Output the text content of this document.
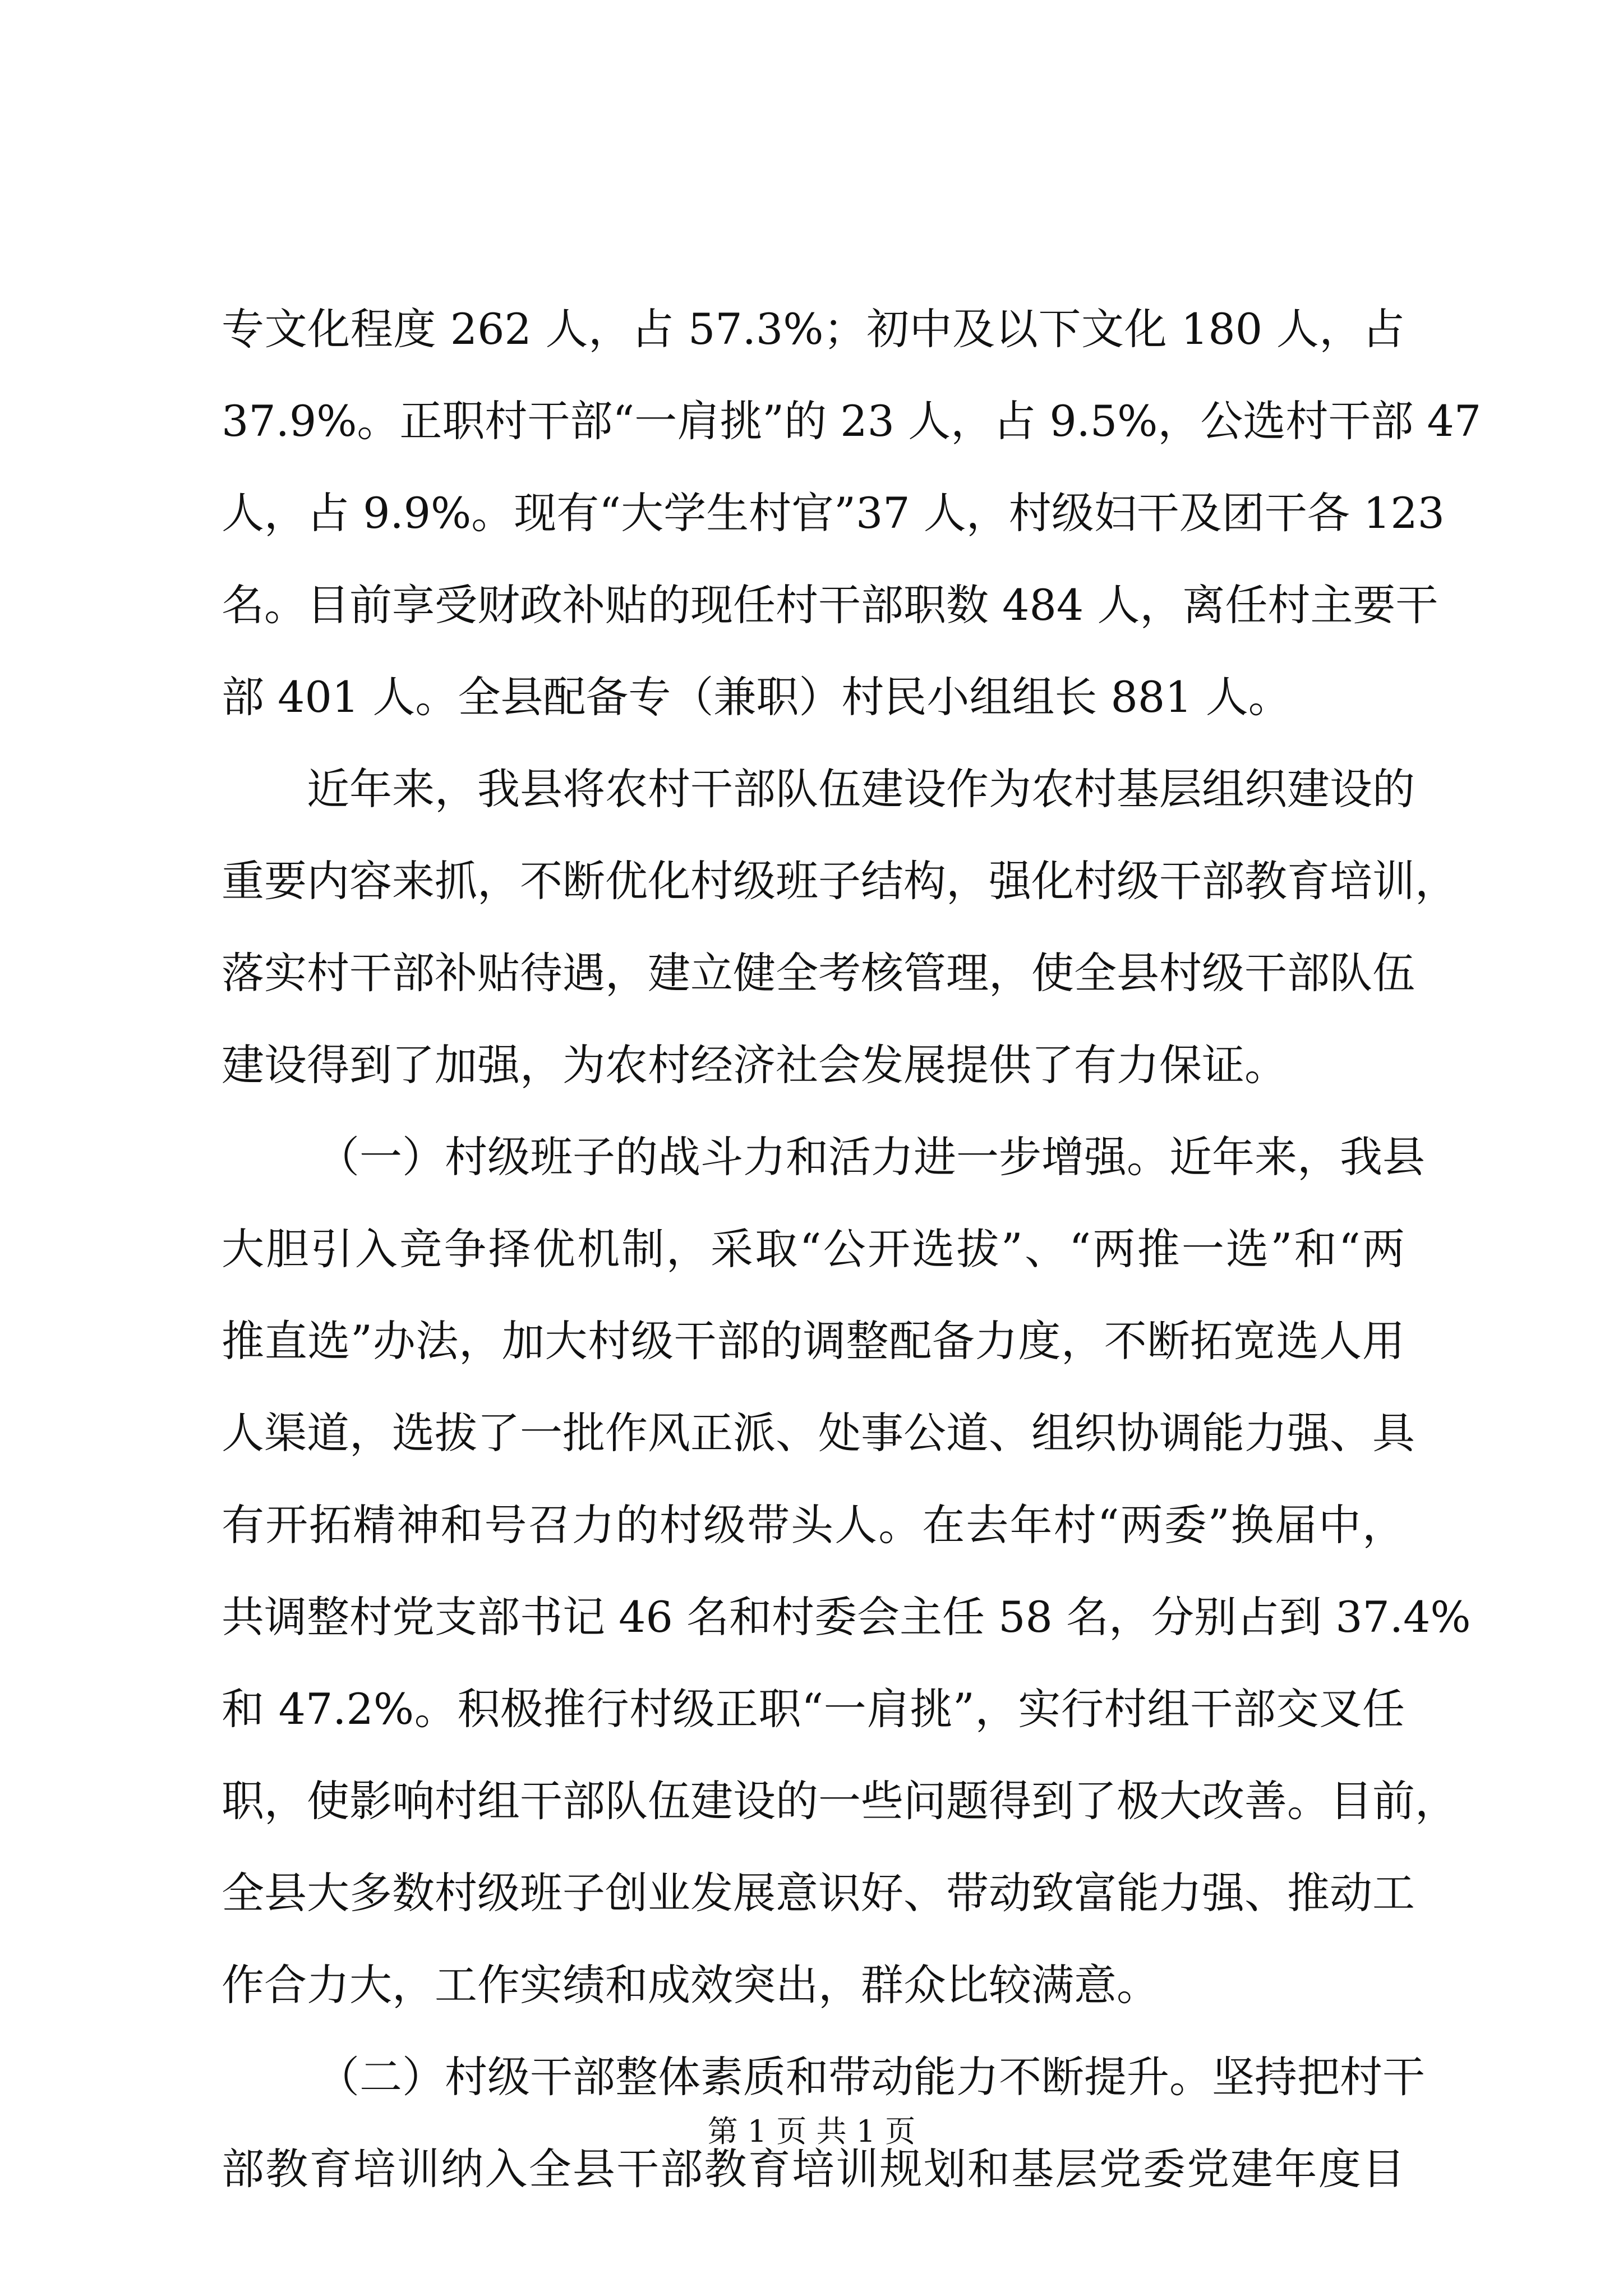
专文化程度 262 人，占 57.3%；初中及以下文化 180 人，占
37.9%。正职村干部“一肩挑”的 23 人，占 9.5%，公选村干部 47
人，占 9.9%。现有“大学生村官”37 人，村级妇干及团干各 123
名。目前享受财政补贴的现任村干部职数 484 人，离任村主要干
部 401 人。全县配备专（兼职）村民小组组长 881 人。
近年来，我县将农村干部队伍建设作为农村基层组织建设的
重要内容来抓，不断优化村级班子结构，强化村级干部教育培训，
落实村干部补贴待遇，建立健全考核管理，使全县村级干部队伍
建设得到了加强，为农村经济社会发展提供了有力保证。
（一）村级班子的战斗力和活力进一步增强。近年来，我县
大胆引入竞争择优机制，采取“公开选拔”、“两推一选”和“两
推直选”办法，加大村级干部的调整配备力度，不断拓宽选人用
人渠道，选拔了一批作风正派、处事公道、组织协调能力强、具
有开拓精神和号召力的村级带头人。在去年村“两委”换届中，
共调整村党支部书记 46 名和村委会主任 58 名，分别占到 37.4%
和 47.2%。积极推行村级正职“一肩挑”，实行村组干部交叉任
职，使影响村组干部队伍建设的一些问题得到了极大改善。目前，
全县大多数村级班子创业发展意识好、带动致富能力强、推动工
作合力大，工作实绩和成效突出，群众比较满意。
（二）村级干部整体素质和带动能力不断提升。坚持把村干
部教育培训纳入全县干部教育培训规划和基层党委党建年度目
第 1 页 共 1 页
